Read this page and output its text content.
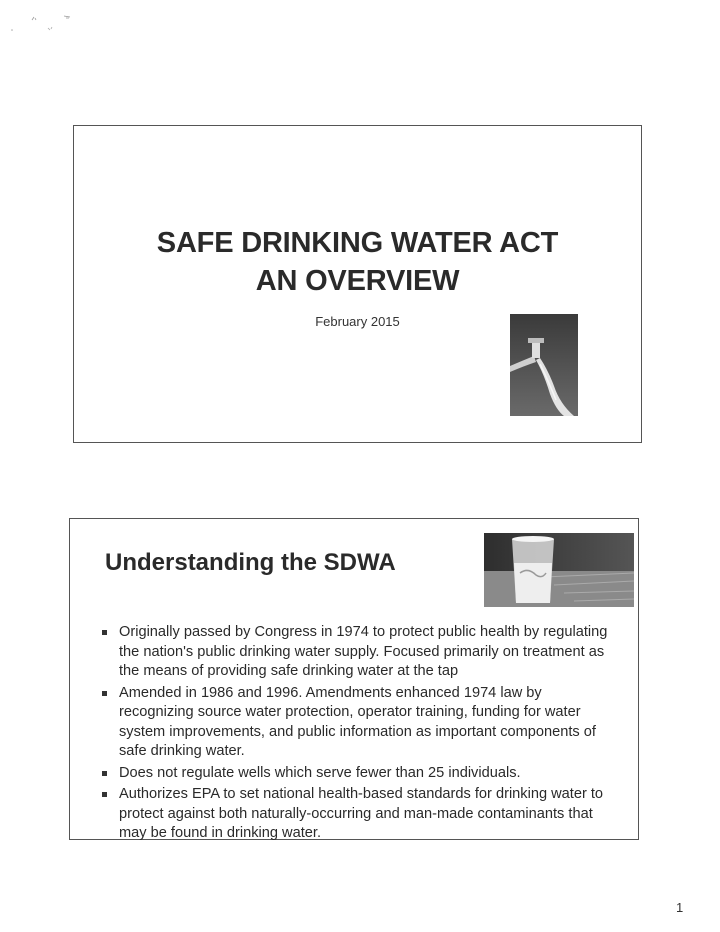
SAFE DRINKING WATER ACT
AN OVERVIEW
February 2015
Understanding the SDWA
Originally passed by Congress in 1974 to protect public health by regulating the nation's public drinking water supply. Focused primarily on treatment as the means of providing safe drinking water at the tap
Amended in 1986 and 1996. Amendments enhanced 1974 law by recognizing source water protection, operator training, funding for water system improvements, and public information as important components of safe drinking water.
Does not regulate wells which serve fewer than 25 individuals.
Authorizes EPA to set national health-based standards for drinking water to protect against both naturally-occurring and man-made contaminants that may be found in drinking water.
1
